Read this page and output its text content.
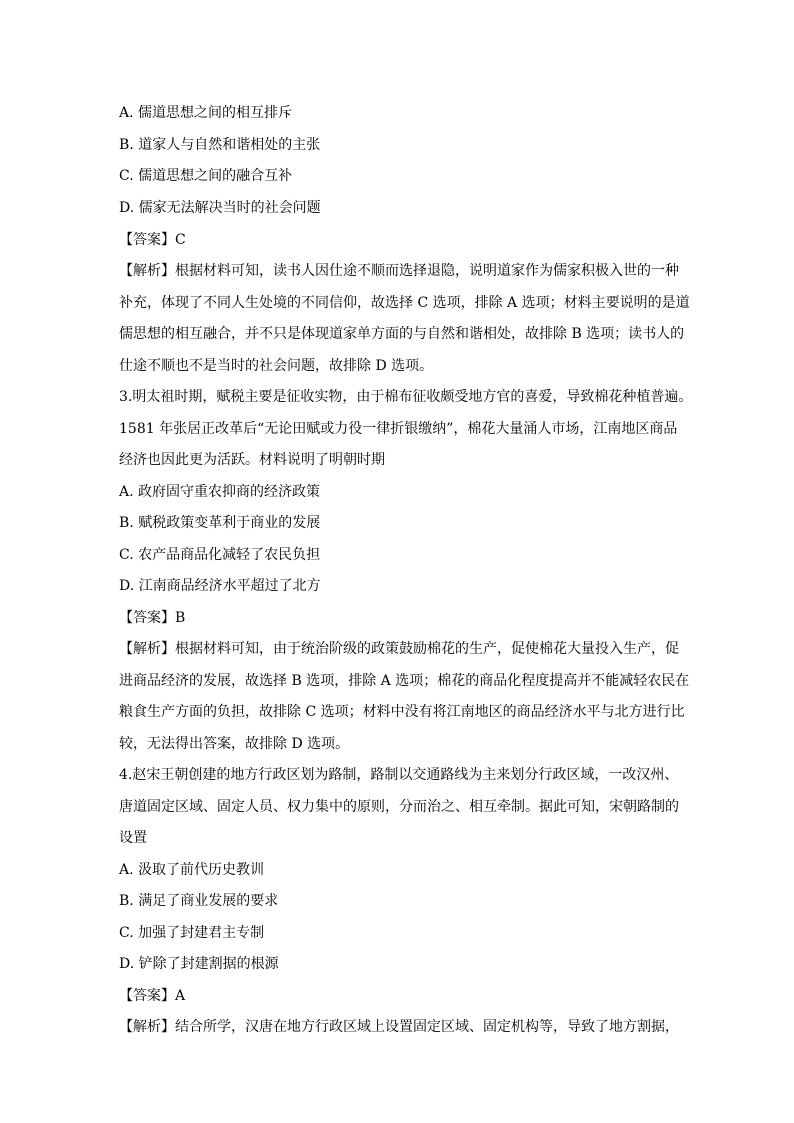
A. 儒道思想之间的相互排斥
B. 道家人与自然和谐相处的主张
C. 儒道思想之间的融合互补
D. 儒家无法解决当时的社会问题
【答案】C
【解析】根据材料可知，读书人因仕途不顺而选择退隐，说明道家作为儒家积极入世的一种
补充，体现了不同人生处境的不同信仰，故选择 C 选项，排除 A 选项；材料主要说明的是道
儒思想的相互融合，并不只是体现道家单方面的与自然和谐相处，故排除 B 选项；读书人的
仕途不顺也不是当时的社会问题，故排除 D 选项。
3.明太祖时期，赋税主要是征收实物，由于棉布征收颇受地方官的喜爱，导致棉花种植普遍。
1581 年张居正改革后“无论田赋或力役一律折银缴纳”，棉花大量涌人市场，江南地区商品
经济也因此更为活跃。材料说明了明朝时期
A. 政府固守重农抑商的经济政策
B. 赋税政策变革利于商业的发展
C. 农产品商品化减轻了农民负担
D. 江南商品经济水平超过了北方
【答案】B
【解析】根据材料可知，由于统治阶级的政策鼓励棉花的生产，促使棉花大量投入生产，促
进商品经济的发展，故选择 B 选项，排除 A 选项；棉花的商品化程度提高并不能减轻农民在
粮食生产方面的负担，故排除 C 选项；材料中没有将江南地区的商品经济水平与北方进行比
较，无法得出答案，故排除 D 选项。
4.赵宋王朝创建的地方行政区划为路制，路制以交通路线为主来划分行政区域，一改汉州、
唐道固定区域、固定人员、权力集中的原则，分而治之、相互牵制。据此可知，宋朝路制的
设置
A. 汲取了前代历史教训
B. 满足了商业发展的要求
C. 加强了封建君主专制
D. 铲除了封建割据的根源
【答案】A
【解析】结合所学，汉唐在地方行政区域上设置固定区域、固定机构等，导致了地方割据，
